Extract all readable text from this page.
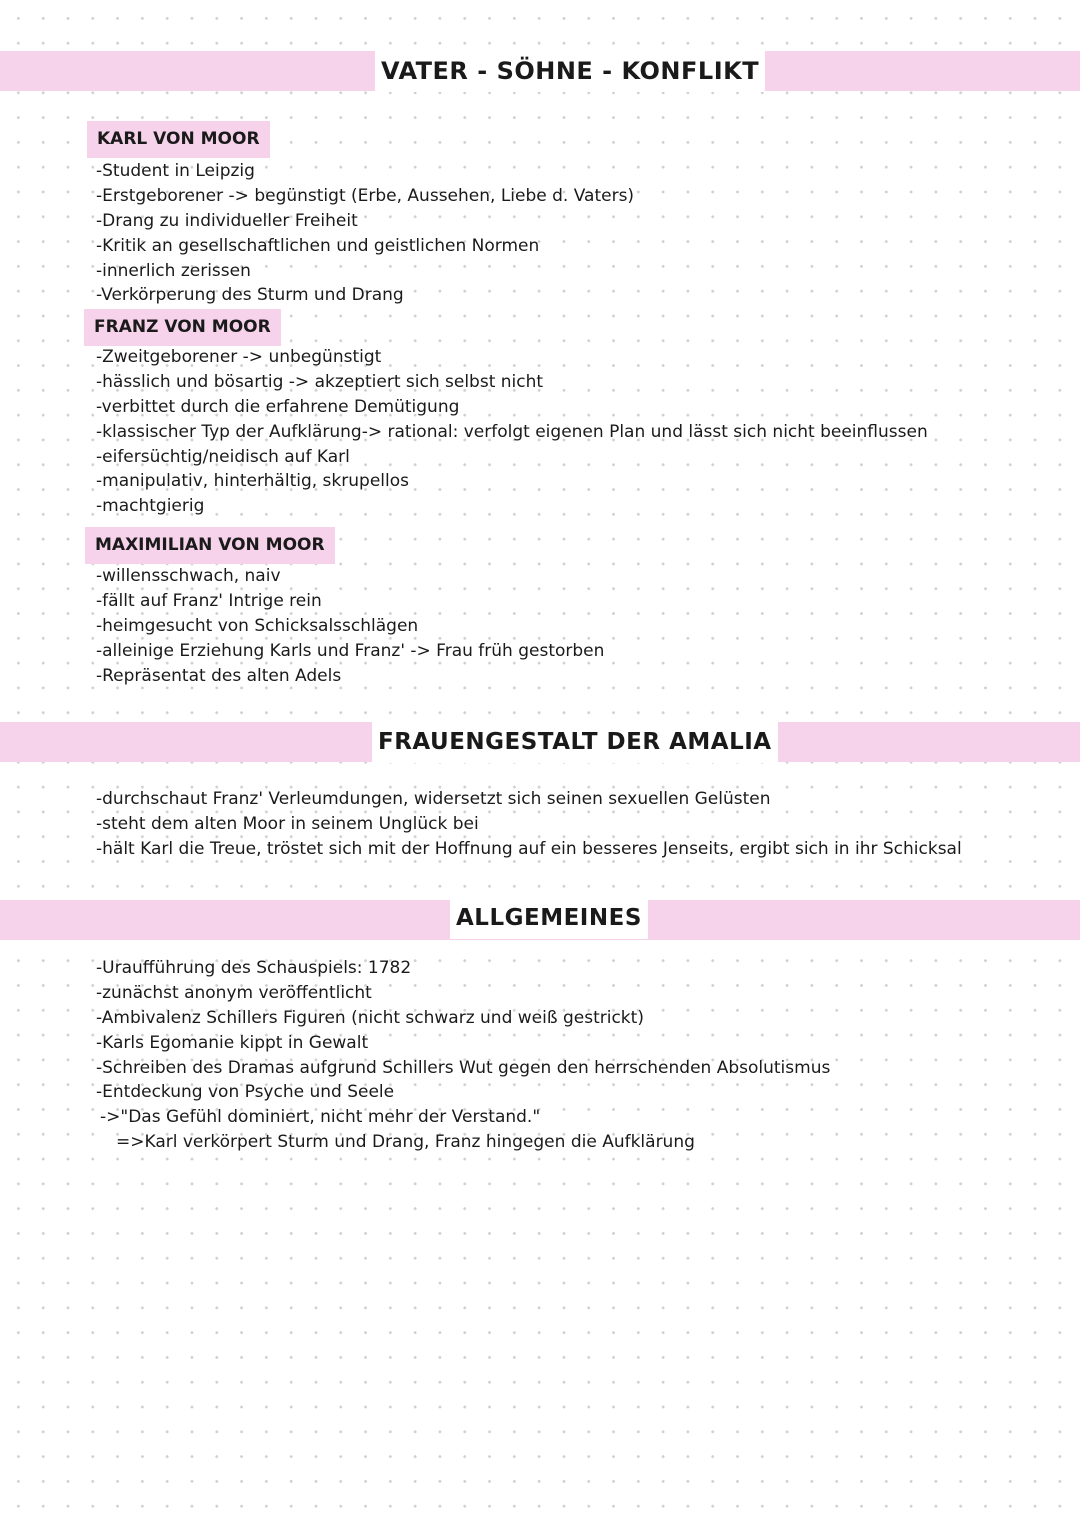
VATER - SÖHNE - KONFLIKT
KARL VON MOOR
-Student in Leipzig
-Erstgeborener -> begünstigt (Erbe, Aussehen, Liebe d. Vaters)
-Drang zu individueller Freiheit
-Kritik an gesellschaftlichen und geistlichen Normen
-innerlich zerissen
-Verkörperung des Sturm und Drang
FRANZ VON MOOR
-Zweitgeborener -> unbegünstigt
-hässlich und bösartig -> akzeptiert sich selbst nicht
-verbittet durch die erfahrene Demütigung
-klassischer Typ der Aufklärung-> rational: verfolgt eigenen Plan und lässt sich nicht beeinflussen
-eifersüchtig/neidisch auf Karl
-manipulativ, hinterhältig, skrupellos
-machtgierig
MAXIMILIAN VON MOOR
-willensschwach, naiv
-fällt auf Franz' Intrige rein
-heimgesucht von Schicksalsschlägen
-alleinige Erziehung Karls und Franz' -> Frau früh gestorben
-Repräsentat des alten Adels
FRAUENGESTALT DER AMALIA
-durchschaut Franz' Verleumdungen, widersetzt sich seinen sexuellen Gelüsten
-steht dem alten Moor in seinem Unglück bei
-hält Karl die Treue, tröstet sich mit der Hoffnung auf ein besseres Jenseits, ergibt sich in ihr Schicksal
ALLGEMEINES
-Uraufführung des Schauspiels: 1782
-zunächst anonym veröffentlicht
-Ambivalenz Schillers Figuren (nicht schwarz und weiß gestrickt)
-Karls Egomanie kippt in Gewalt
-Schreiben des Dramas aufgrund Schillers Wut gegen den herrschenden Absolutismus
-Entdeckung von Psyche und Seele
->"Das Gefühl dominiert, nicht mehr der Verstand."
=>Karl verkörpert Sturm und Drang, Franz hingegen die Aufklärung
